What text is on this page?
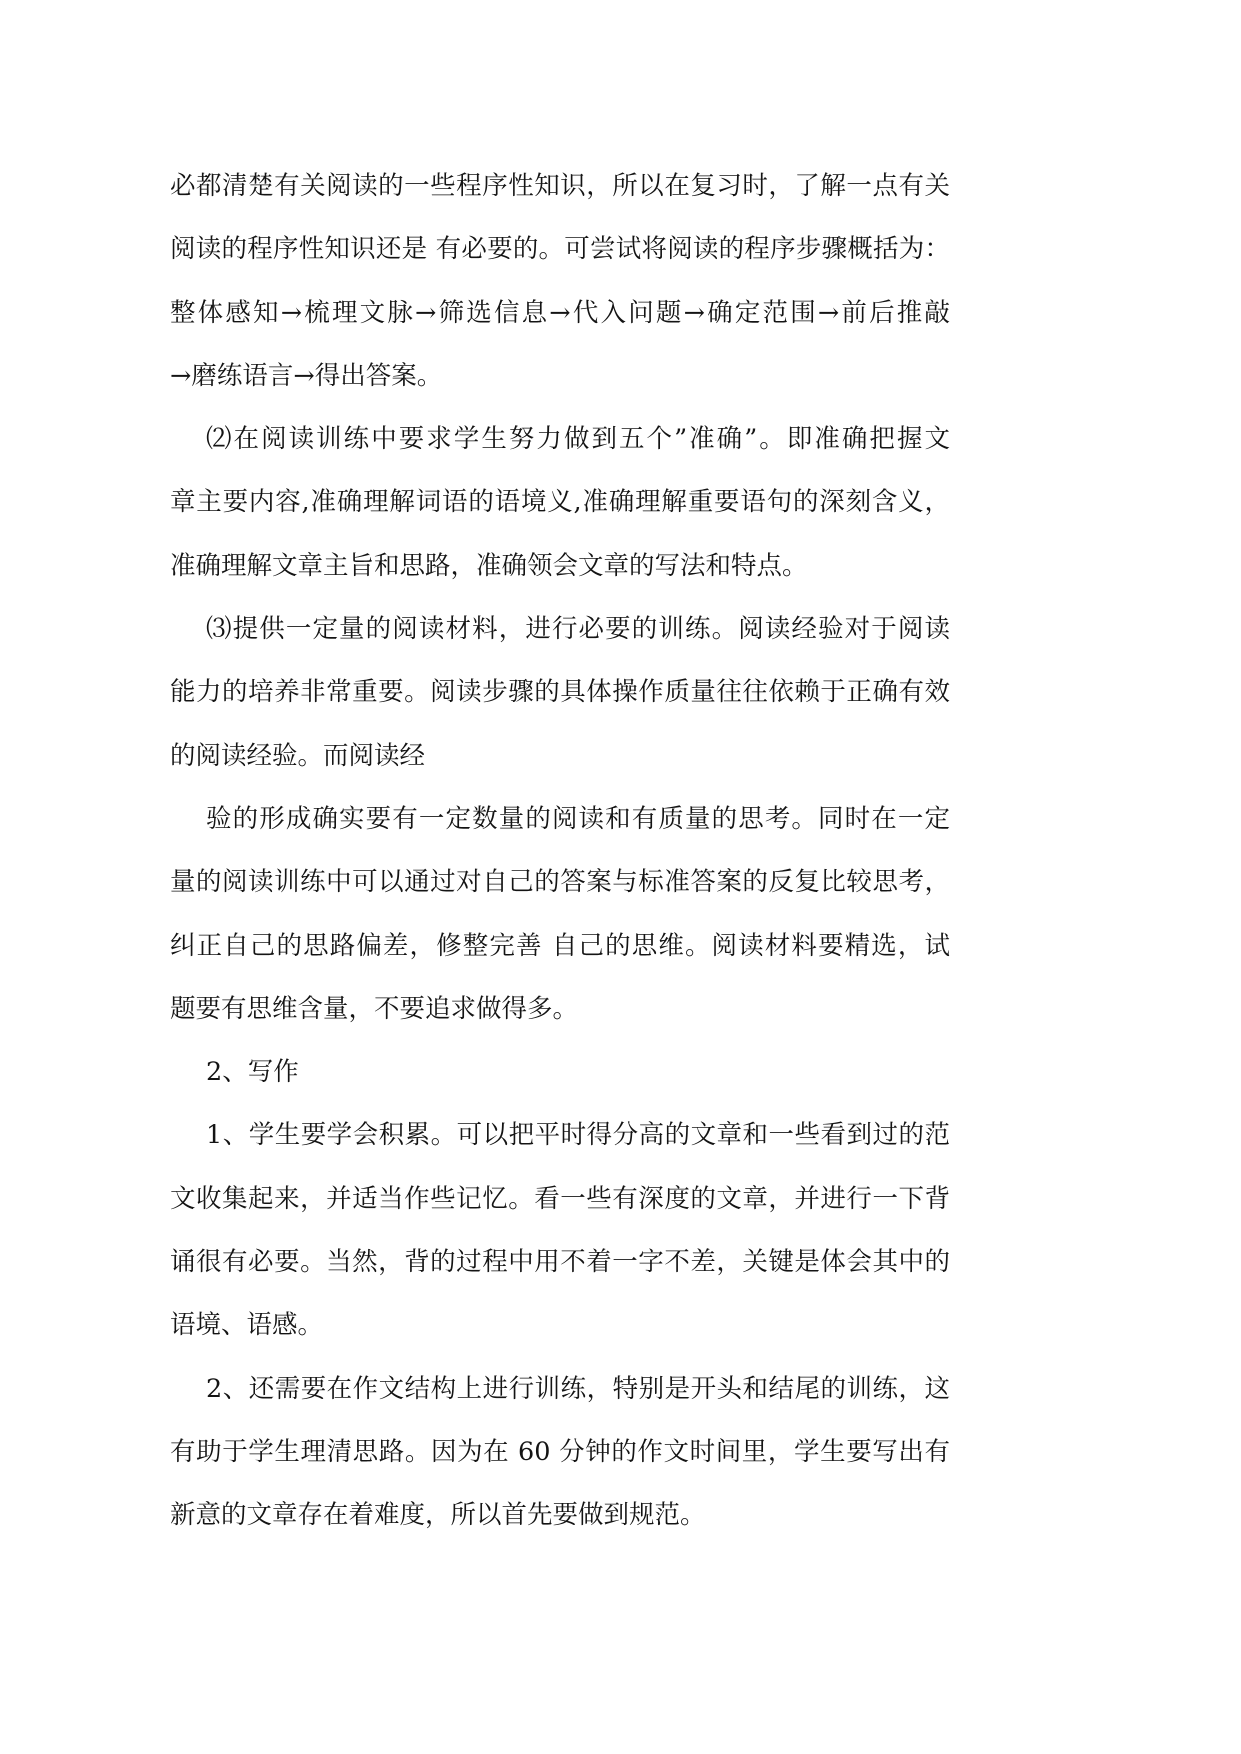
必都清楚有关阅读的一些程序性知识，所以在复习时，了解一点有关
阅读的程序性知识还是 有必要的。可尝试将阅读的程序步骤概括为：
整体感知→梳理文脉→筛选信息→代入问题→确定范围→前后推敲
→磨练语言→得出答案。
⑵在阅读训练中要求学生努力做到五个”准确”。即准确把握文
章主要内容,准确理解词语的语境义,准确理解重要语句的深刻含义，
准确理解文章主旨和思路，准确领会文章的写法和特点。
⑶提供一定量的阅读材料，进行必要的训练。阅读经验对于阅读
能力的培养非常重要。阅读步骤的具体操作质量往往依赖于正确有效
的阅读经验。而阅读经
验的形成确实要有一定数量的阅读和有质量的思考。同时在一定
量的阅读训练中可以通过对自己的答案与标准答案的反复比较思考，
纠正自己的思路偏差，修整完善 自己的思维。阅读材料要精选，试
题要有思维含量，不要追求做得多。
2、写作
1、学生要学会积累。可以把平时得分高的文章和一些看到过的范
文收集起来，并适当作些记忆。看一些有深度的文章，并进行一下背
诵很有必要。当然，背的过程中用不着一字不差，关键是体会其中的
语境、语感。
2、还需要在作文结构上进行训练，特别是开头和结尾的训练，这
有助于学生理清思路。因为在 60 分钟的作文时间里，学生要写出有
新意的文章存在着难度，所以首先要做到规范。
